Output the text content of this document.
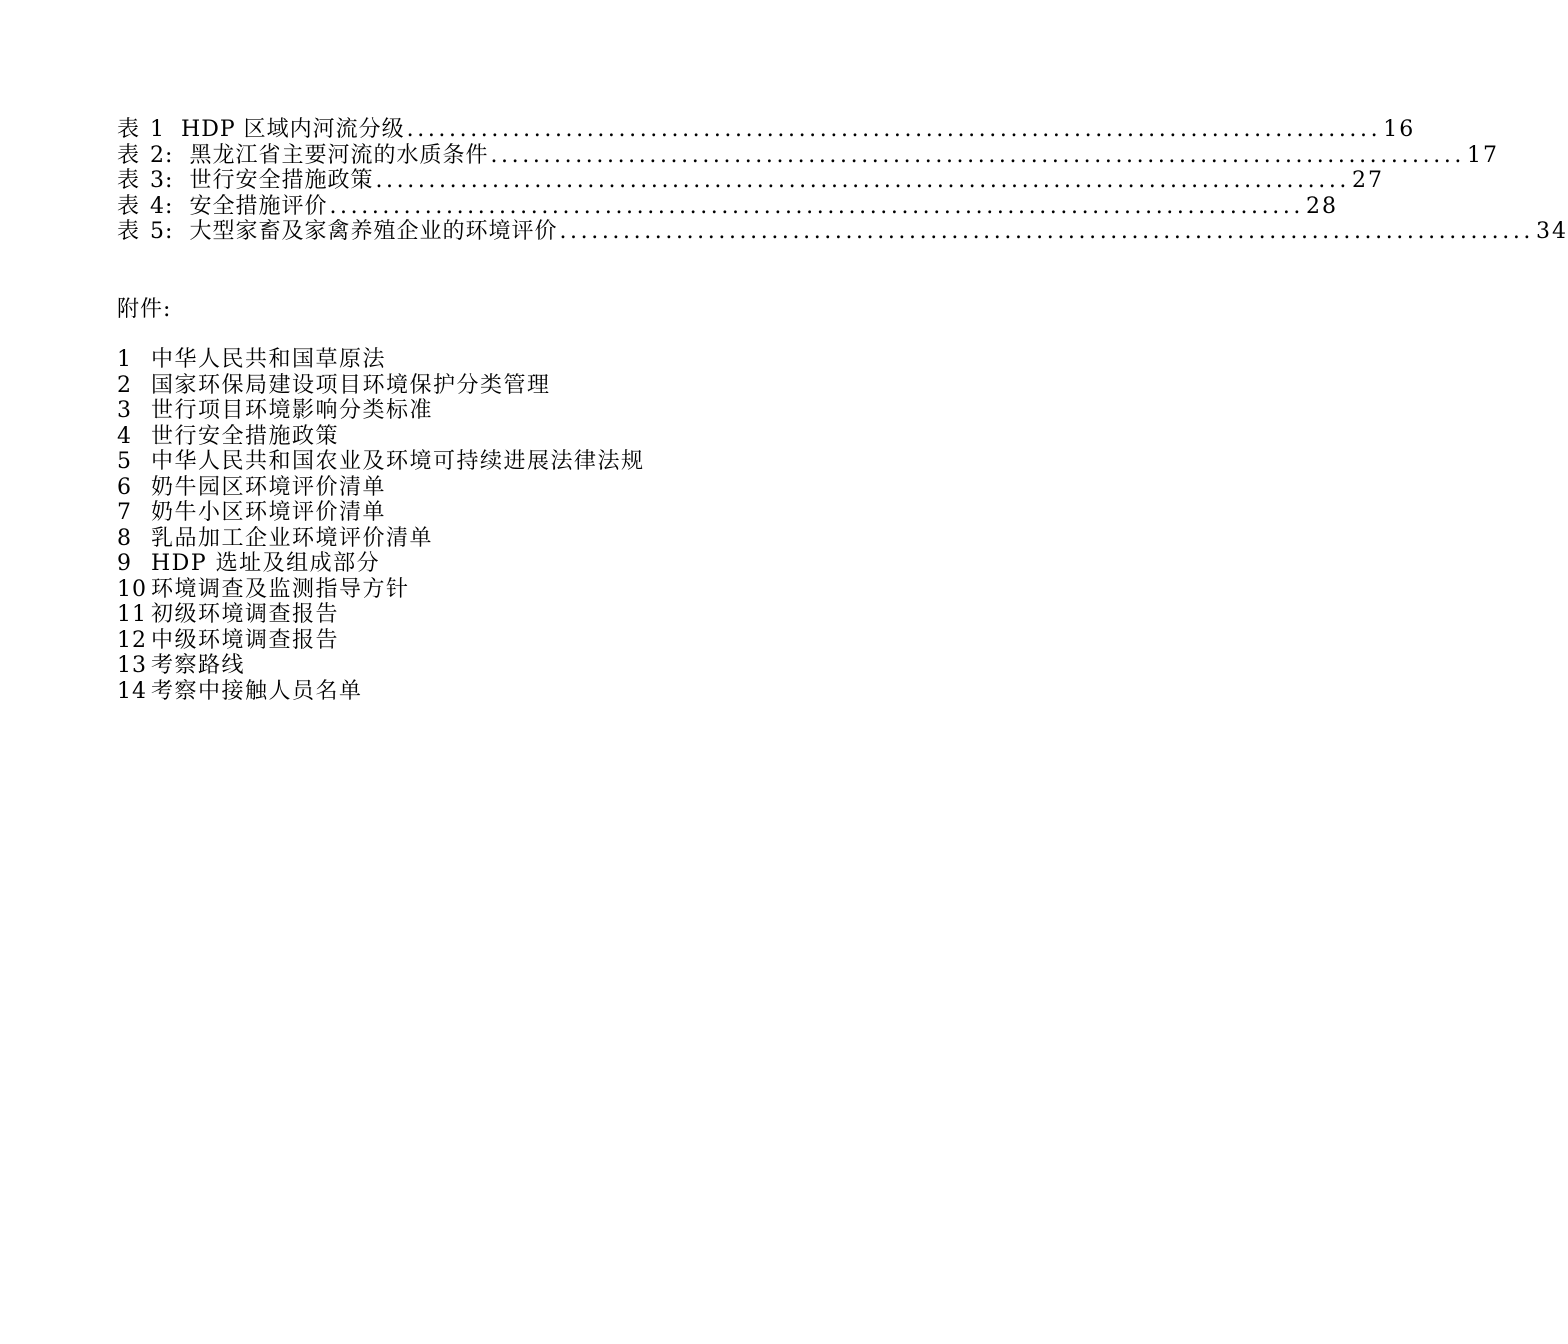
表 1 HDP 区域内河流分级 ............................................................................................ 16
表 2: 黑龙江省主要河流的水质条件 ............................................................................................ 17
表 3: 世行安全措施政策 ............................................................................................ 27
表 4: 安全措施评价 ............................................................................................ 28
表 5: 大型家畜及家禽养殖企业的环境评价 ............................................................................................ 34
附件:
1 中华人民共和国草原法
2 国家环保局建设项目环境保护分类管理
3 世行项目环境影响分类标准
4 世行安全措施政策
5 中华人民共和国农业及环境可持续进展法律法规
6 奶牛园区环境评价清单
7 奶牛小区环境评价清单
8 乳品加工企业环境评价清单
9 HDP 选址及组成部分
10 环境调查及监测指导方针
11 初级环境调查报告
12 中级环境调查报告
13 考察路线
14 考察中接触人员名单
